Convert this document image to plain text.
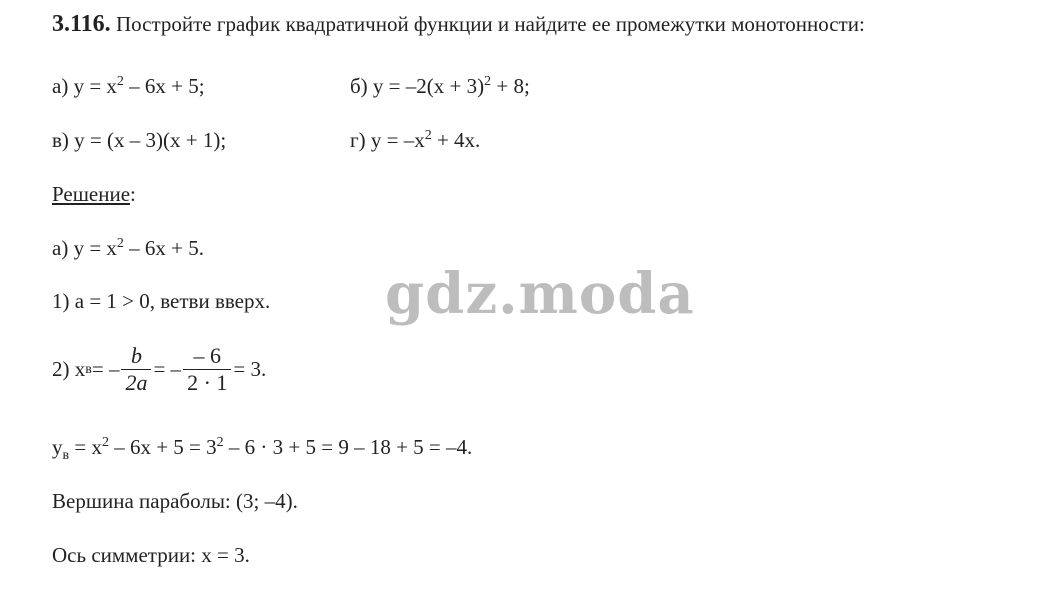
3.116. Постройте график квадратичной функции и найдите ее промежутки монотонности:
а) $y = x^2 - 6x + 5$;	б) $y = -2(x + 3)^2 + 8$;
в) y = (x – 3)(x + 1);	г) $y = -x^2 + 4x$.
Решение:
а) $y = x^2 - 6x + 5$.
1) a = 1 > 0, ветви вверх. gdz.moda
2) x в = – $\frac{b}{2a}$ = – $\frac{- 6}{2 \cdot 1} = 3$.
$y_в = x^2 - 6x + 5 = 3^2 - 6 \cdot 3 + 5 = 9 - 18 + 5 = -4$.
Вершина параболы: (3; –4).
Ось симметрии: x = 3.
